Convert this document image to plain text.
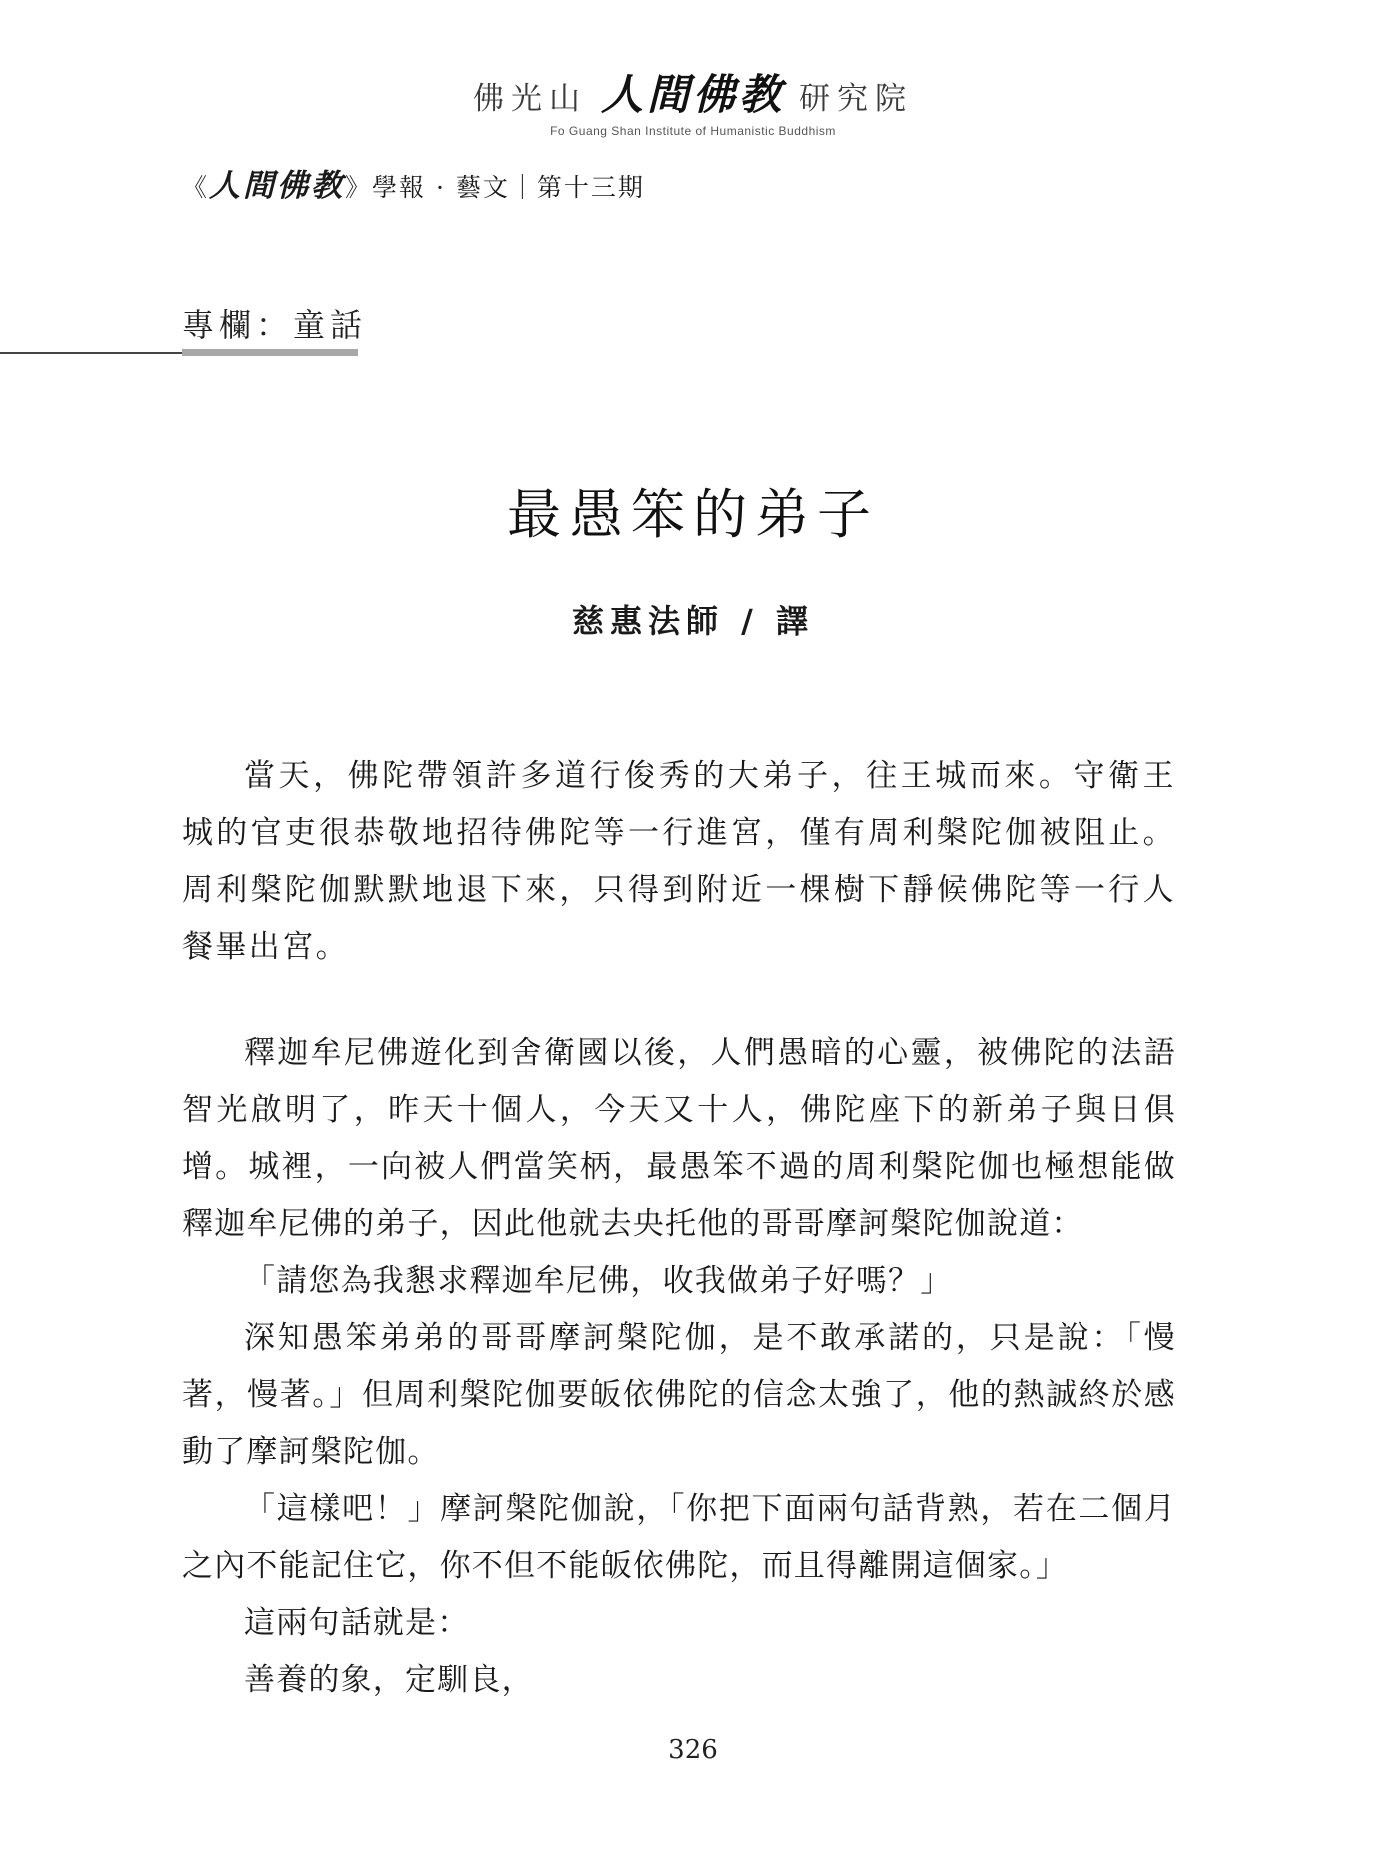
佛光山 人間佛教 研究院
Fo Guang Shan Institute of Humanistic Buddhism
《 人間佛教 》學報 · 藝文｜第十三期
專欄：童話
最愚笨的弟子
慈惠法師 / 譯

當天，佛陀帶領許多道行俊秀的大弟子，往王城而來。守衛王城的官吏很恭敬地招待佛陀等一行進宮，僅有周利槃陀伽被阻止。周利槃陀伽默默地退下來，只得到附近一棵樹下靜候佛陀等一行人餐畢出宮。

釋迦牟尼佛遊化到舍衛國以後，人們愚暗的心靈，被佛陀的法語智光啟明了，昨天十個人，今天又十人，佛陀座下的新弟子與日俱增。城裡，一向被人們當笑柄，最愚笨不過的周利槃陀伽也極想能做釋迦牟尼佛的弟子，因此他就去央托他的哥哥摩訶槃陀伽說道：

「請您為我懇求釋迦牟尼佛，收我做弟子好嗎？」

深知愚笨弟弟的哥哥摩訶槃陀伽，是不敢承諾的，只是說：「慢著，慢著。」但周利槃陀伽要皈依佛陀的信念太強了，他的熱誠終於感動了摩訶槃陀伽。

「這樣吧！」摩訶槃陀伽說，「你把下面兩句話背熟，若在二個月之內不能記住它，你不但不能皈依佛陀，而且得離開這個家。」

這兩句話就是：

善養的象，定馴良，

326
